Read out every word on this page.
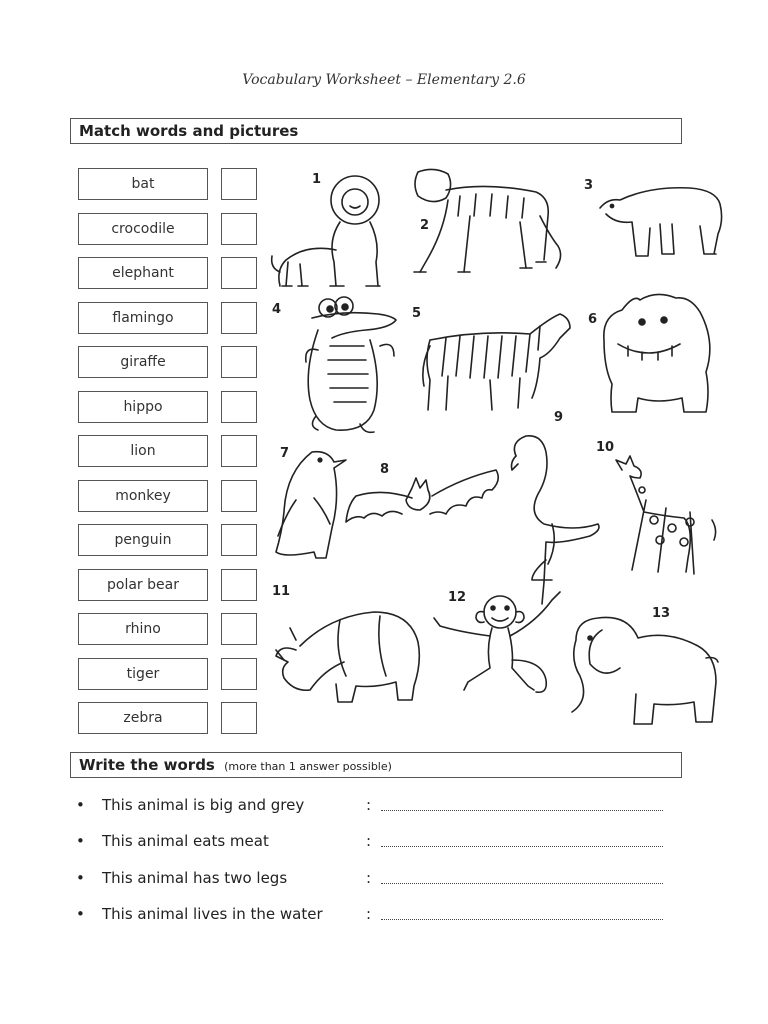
Vocabulary Worksheet – Elementary 2.6
Match words and pictures
bat
crocodile
elephant
flamingo
giraffe
hippo
lion
monkey
penguin
polar bear
rhino
tiger
zebra
1
2
3
4	5	6
7
8
9
10
11	12
13
Write the words (more than 1 answer possible)
• This animal is big and grey	:
• This animal eats meat	:
• This animal has two legs	:
• This animal lives in the water	:
